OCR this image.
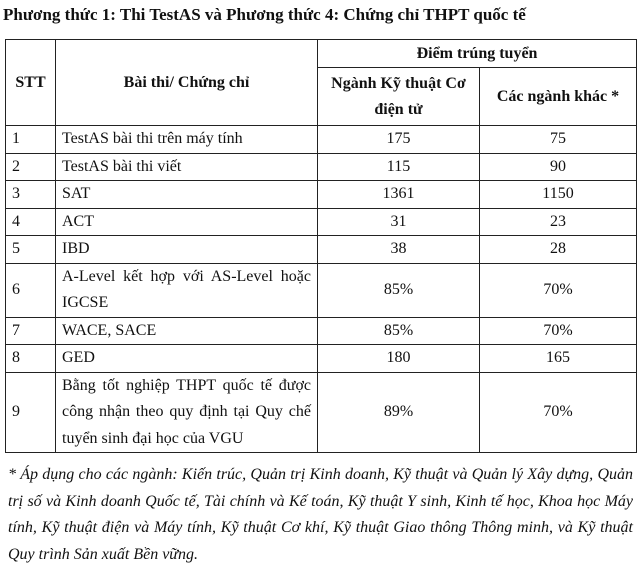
Phương thức 1: Thi TestAS và Phương thức 4: Chứng chỉ THPT quốc tế
STT	Bài thi/ Chứng chỉ	Điểm trúng tuyển	
		Ngành Kỹ thuật Cơ điện tử	Các ngành khác *
1	TestAS bài thi trên máy tính	175	75
2	TestAS bài thi viết	115	90
3	SAT	1361	1150
4	ACT	31	23
5	IBD	38	28
6	A-Level kết hợp với AS-Level hoặc IGCSE	85%	70%
7	WACE, SACE	85%	70%
8	GED	180	165
9	Bằng tốt nghiệp THPT quốc tế được công nhận theo quy định tại Quy chế tuyển sinh đại học của VGU	89%	70%
* Áp dụng cho các ngành: Kiến trúc, Quản trị Kinh doanh, Kỹ thuật và Quản lý Xây dựng, Quản trị số và Kinh doanh Quốc tế, Tài chính và Kế toán, Kỹ thuật Y sinh, Kinh tế học, Khoa học Máy tính, Kỹ thuật điện và Máy tính, Kỹ thuật Cơ khí, Kỹ thuật Giao thông Thông minh, và Kỹ thuật Quy trình Sản xuất Bền vững.
